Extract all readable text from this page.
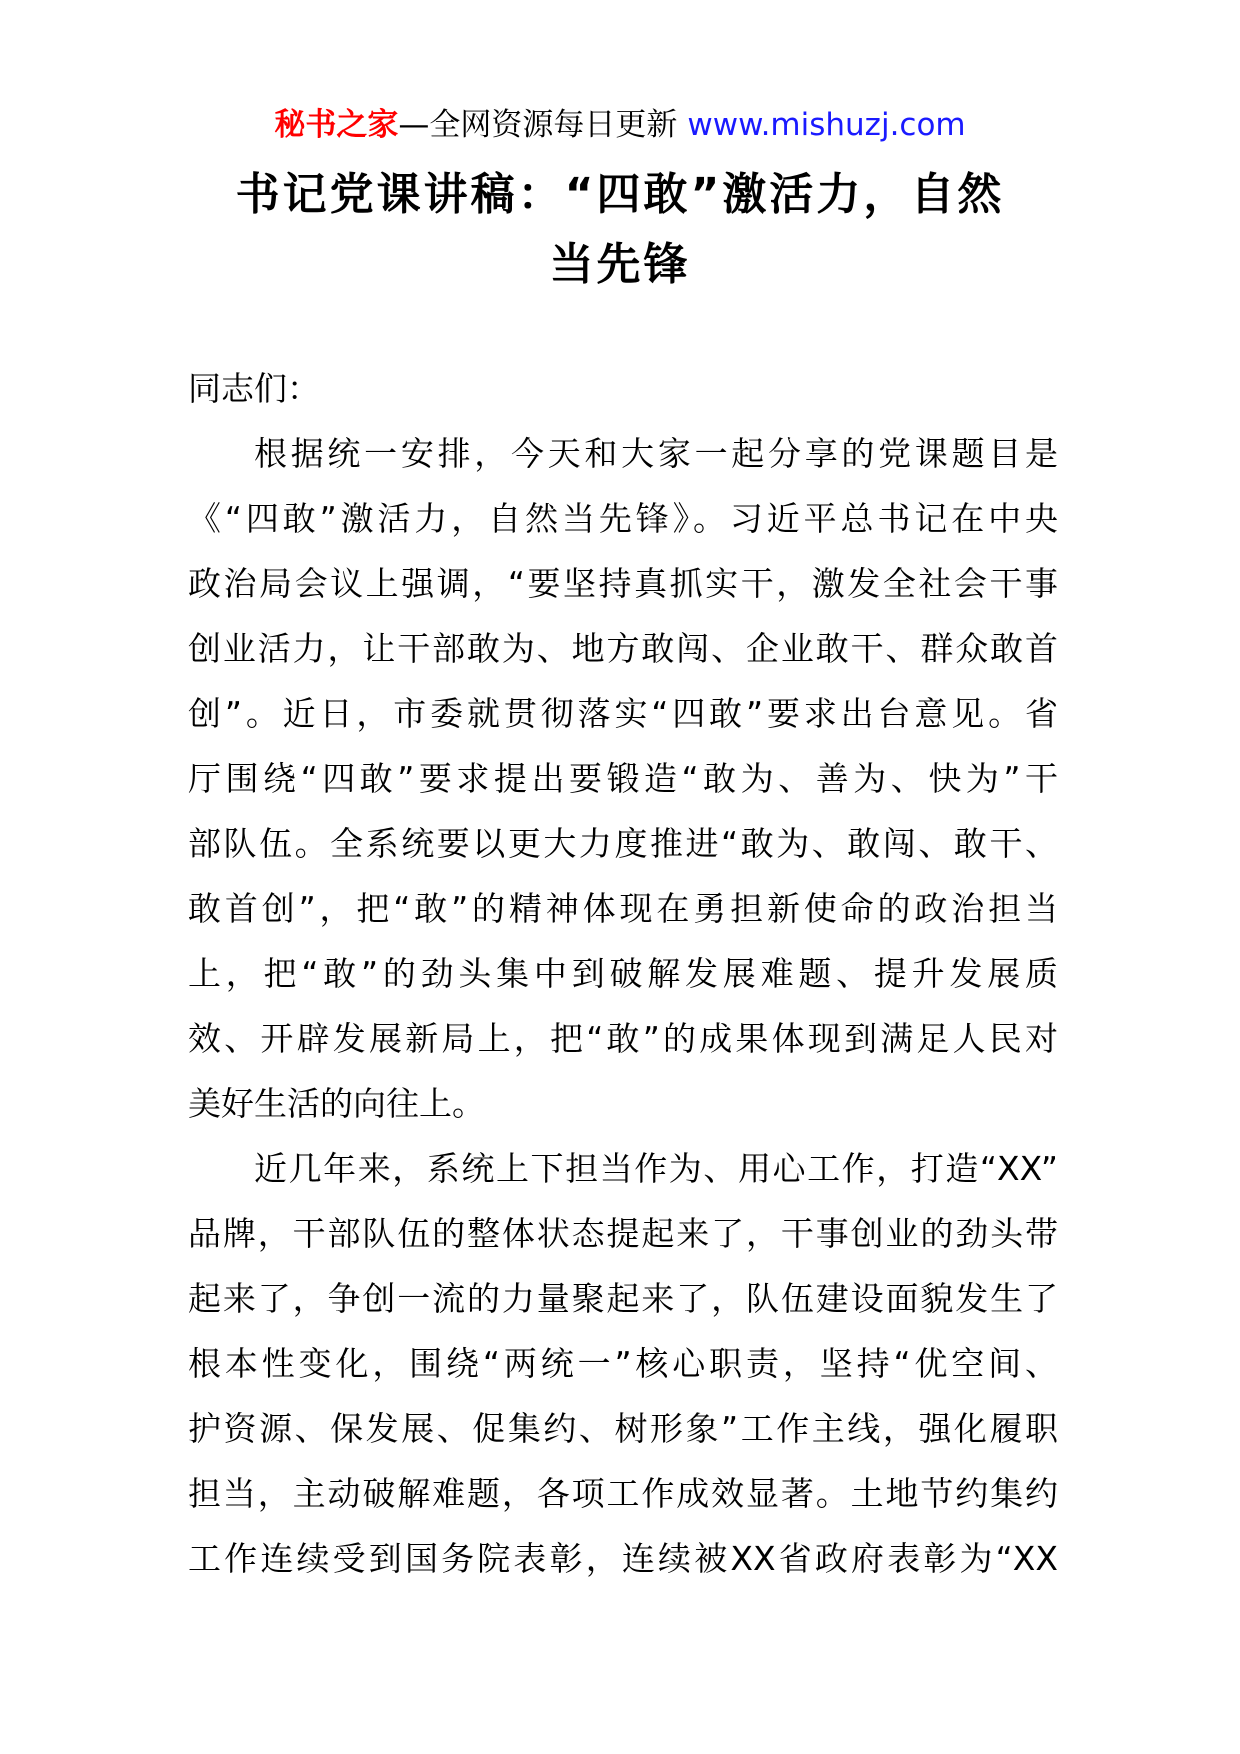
秘书之家—全网资源每日更新 www.mishuzj.com
书记党课讲稿：“四敢”激活力，自然
当先锋
同志们：
根据统一安排，今天和大家一起分享的党课题目是
《“四敢”激活力，自然当先锋》。习近平总书记在中央
政治局会议上强调，“要坚持真抓实干，激发全社会干事
创业活力，让干部敢为、地方敢闯、企业敢干、群众敢首
创”。近日，市委就贯彻落实“四敢”要求出台意见。省
厅围绕“四敢”要求提出要锻造“敢为、善为、快为”干
部队伍。全系统要以更大力度推进“敢为、敢闯、敢干、
敢首创”，把“敢”的精神体现在勇担新使命的政治担当
上，把“敢”的劲头集中到破解发展难题、提升发展质
效、开辟发展新局上，把“敢”的成果体现到满足人民对
美好生活的向往上。
近几年来，系统上下担当作为、用心工作，打造“XX”
品牌，干部队伍的整体状态提起来了，干事创业的劲头带
起来了，争创一流的力量聚起来了，队伍建设面貌发生了
根本性变化，围绕“两统一”核心职责，坚持“优空间、
护资源、保发展、促集约、树形象”工作主线，强化履职
担当，主动破解难题，各项工作成效显著。土地节约集约
工作连续受到国务院表彰，连续被XX省政府表彰为“XX
